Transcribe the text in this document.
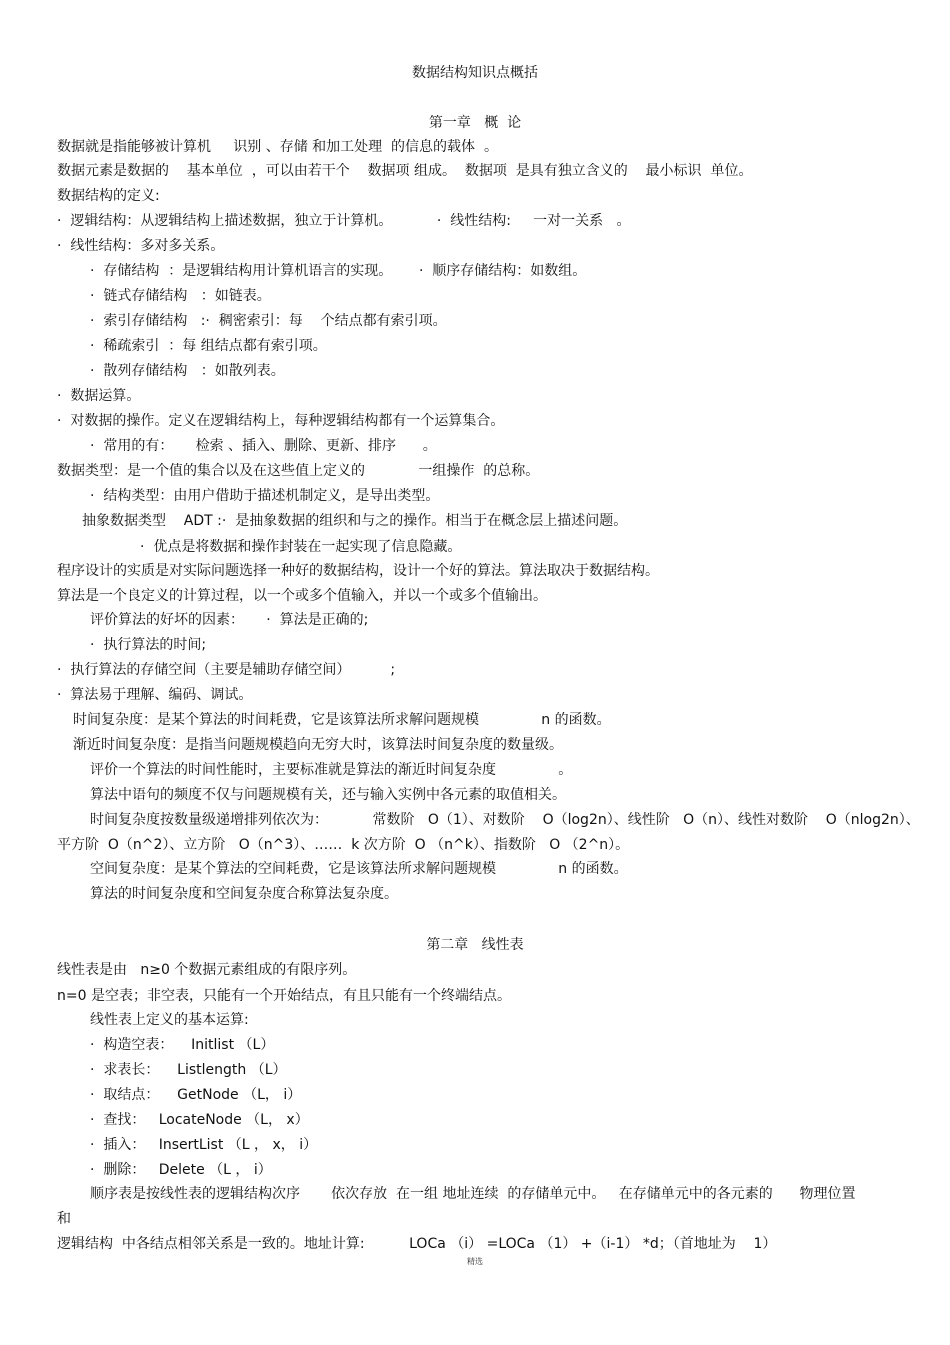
数据结构知识点概括
第一章   概  论
数据就是指能够被计算机     识别 、存储 和加工处理  的信息的载体  。
数据元素是数据的    基本单位  ，可以由若干个    数据项 组成。  数据项  是具有独立含义的    最小标识  单位。
数据结构的定义:
·  逻辑结构：从逻辑结构上描述数据，独立于计算机。          ·  线性结构:     一对一关系   。
·  线性结构：多对多关系。
·  存储结构  ：是逻辑结构用计算机语言的实现。      ·  顺序存储结构：如数组。
·  链式存储结构   ：如链表。
·  索引存储结构   :·  稠密索引：每    个结点都有索引项。
·  稀疏索引  ：每 组结点都有索引项。
·  散列存储结构   ：如散列表。
·  数据运算。
·  对数据的操作。定义在逻辑结构上，每种逻辑结构都有一个运算集合。
·  常用的有：     检索 、插入、删除、更新、排序      。
数据类型：是一个值的集合以及在这些值上定义的            一组操作  的总称。
·  结构类型：由用户借助于描述机制定义，是导出类型。
抽象数据类型    ADT :·  是抽象数据的组织和与之的操作。相当于在概念层上描述问题。
·  优点是将数据和操作封装在一起实现了信息隐藏。
程序设计的实质是对实际问题选择一种好的数据结构，设计一个好的算法。算法取决于数据结构。
算法是一个良定义的计算过程，以一个或多个值输入，并以一个或多个值输出。
评价算法的好坏的因素：     ·  算法是正确的;
·  执行算法的时间;
·  执行算法的存储空间（主要是辅助存储空间）         ;
·  算法易于理解、编码、调试。
时间复杂度：是某个算法的时间耗费，它是该算法所求解问题规模              n 的函数。
渐近时间复杂度：是指当问题规模趋向无穷大时，该算法时间复杂度的数量级。
评价一个算法的时间性能时，主要标准就是算法的渐近时间复杂度              。
算法中语句的频度不仅与问题规模有关，还与输入实例中各元素的取值相关。
时间复杂度按数量级递增排列依次为：          常数阶   O（1）、对数阶    O（log2n）、线性阶   O（n）、线性对数阶    O（nlog2n）、
平方阶  O（n^2）、立方阶   O（n^3）、……  k 次方阶  O （n^k）、指数阶   O （2^n）。
空间复杂度：是某个算法的空间耗费，它是该算法所求解问题规模              n 的函数。
算法的时间复杂度和空间复杂度合称算法复杂度。
第二章   线性表
线性表是由   n≥0 个数据元素组成的有限序列。
n=0 是空表；非空表，只能有一个开始结点，有且只能有一个终端结点。
线性表上定义的基本运算:
·  构造空表：    Initlist （L）
·  求表长：    Listlength （L）
·  取结点：    GetNode （L， i）
·  查找：   LocateNode （L， x）
·  插入：   InsertList （L ， x， i）
·  删除：   Delete （L ， i）
顺序表是按线性表的逻辑结构次序       依次存放  在一组 地址连续  的存储单元中。   在存储单元中的各元素的      物理位置
和
逻辑结构  中各结点相邻关系是一致的。地址计算:          LOCa （i） =LOCa （1） +（i-1） *d；（首地址为    1）
精选
